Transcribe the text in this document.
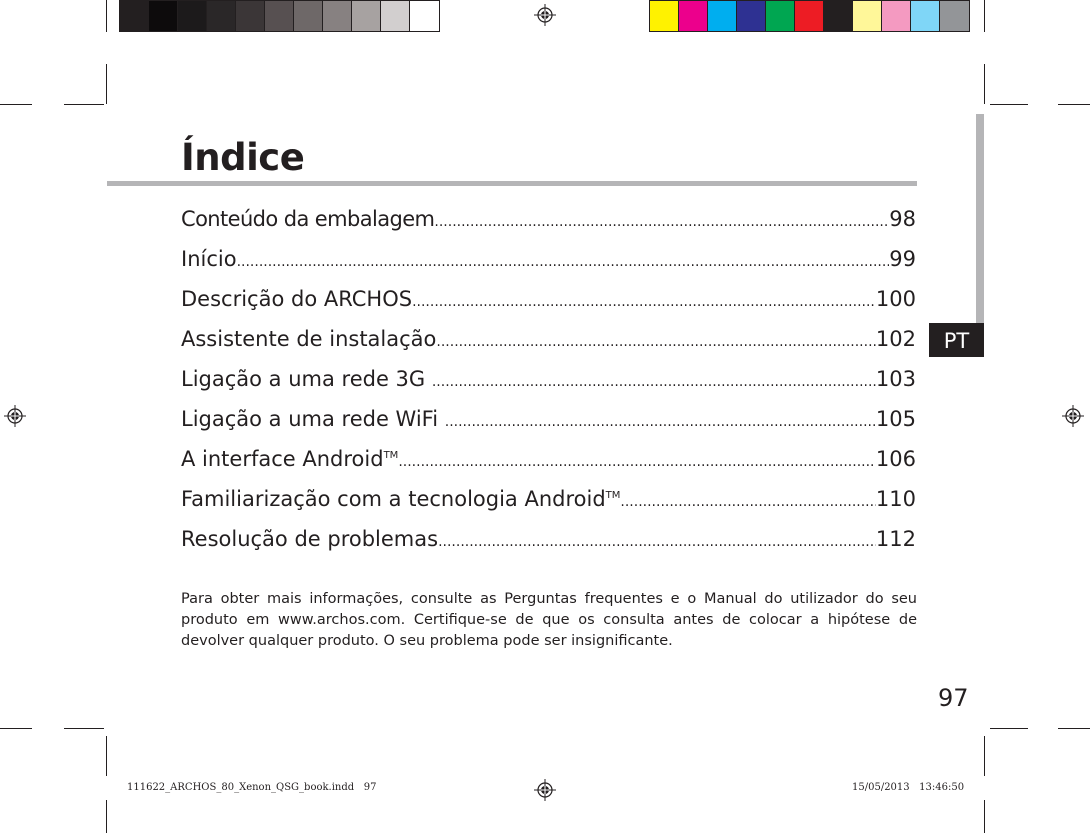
Índice
PT
Conteúdo da embalagem .....	98
Início .....	99
Descrição do ARCHOS .....	100
Assistente de instalação .....	102
Ligação a uma rede 3G .....	103
Ligação a uma rede WiFi .....	105
A interface Android™ .....	106
Familiarização com a tecnologia Android™ .....	110
Resolução de problemas .....	112
Para obter mais informações, consulte as Perguntas frequentes e o Manual do utilizador do seu produto em www.archos.com. Certifique-se de que os consulta antes de colocar a hipótese de devolver qualquer produto. O seu problema pode ser insignificante.
97
111622_ARCHOS_80_Xenon_QSG_book.indd   97	15/05/2013   13:46:50
